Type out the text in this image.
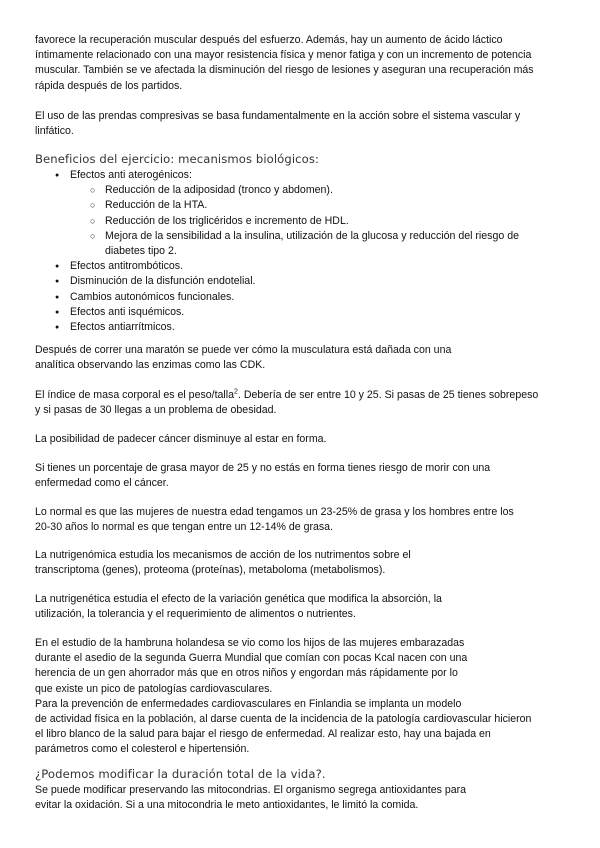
favorece la recuperación muscular después del esfuerzo. Además, hay un aumento de ácido láctico
íntimamente relacionado con una mayor resistencia física y menor fatiga y con un incremento de potencia
muscular. También se ve afectada la disminución del riesgo de lesiones y aseguran una recuperación más
rápida después de los partidos.

El uso de las prendas compresivas se basa fundamentalmente en la acción sobre el sistema vascular y
linfático.

Beneficios del ejercicio: mecanismos biológicos:
● Efectos anti aterogénicos:
○ Reducción de la adiposidad (tronco y abdomen).
○ Reducción de la HTA.
○ Reducción de los triglicéridos e incremento de HDL.
○ Mejora de la sensibilidad a la insulina, utilización de la glucosa y reducción del riesgo de
diabetes tipo 2.
● Efectos antitrombóticos.
● Disminución de la disfunción endotelial.
● Cambios autonómicos funcionales.
● Efectos anti isquémicos.
● Efectos antiarrítmicos.

Después de correr una maratón se puede ver cómo la musculatura está dañada con una
analítica observando las enzimas como las CDK.

El índice de masa corporal es el peso/talla$^2$. Debería de ser entre 10 y 25. Si pasas de 25 tienes sobrepeso
y si pasas de 30 llegas a un problema de obesidad.

La posibilidad de padecer cáncer disminuye al estar en forma.

Si tienes un porcentaje de grasa mayor de 25 y no estás en forma tienes riesgo de morir con una
enfermedad como el cáncer.

Lo normal es que las mujeres de nuestra edad tengamos un 23-25% de grasa y los hombres entre los
20-30 años lo normal es que tengan entre un 12-14% de grasa.

La nutrigenómica estudia los mecanismos de acción de los nutrimentos sobre el
transcriptoma (genes), proteoma (proteínas), metaboloma (metabolismos).

La nutrigenética estudia el efecto de la variación genética que modifica la absorción, la
utilización, la tolerancia y el requerimiento de alimentos o nutrientes.

En el estudio de la hambruna holandesa se vio como los hijos de las mujeres embarazadas
durante el asedio de la segunda Guerra Mundial que comían con pocas Kcal nacen con una
herencia de un gen ahorrador más que en otros niños y engordan más rápidamente por lo
que existe un pico de patologías cardiovasculares.
Para la prevención de enfermedades cardiovasculares en Finlandia se implanta un modelo
de actividad física en la población, al darse cuenta de la incidencia de la patología cardiovascular hicieron
el libro blanco de la salud para bajar el riesgo de enfermedad. Al realizar esto, hay una bajada en
parámetros como el colesterol e hipertensión.

¿Podemos modificar la duración total de la vida?.

Se puede modificar preservando las mitocondrias. El organismo segrega antioxidantes para
evitar la oxidación. Si a una mitocondria le meto antioxidantes, le limitó la comida.
